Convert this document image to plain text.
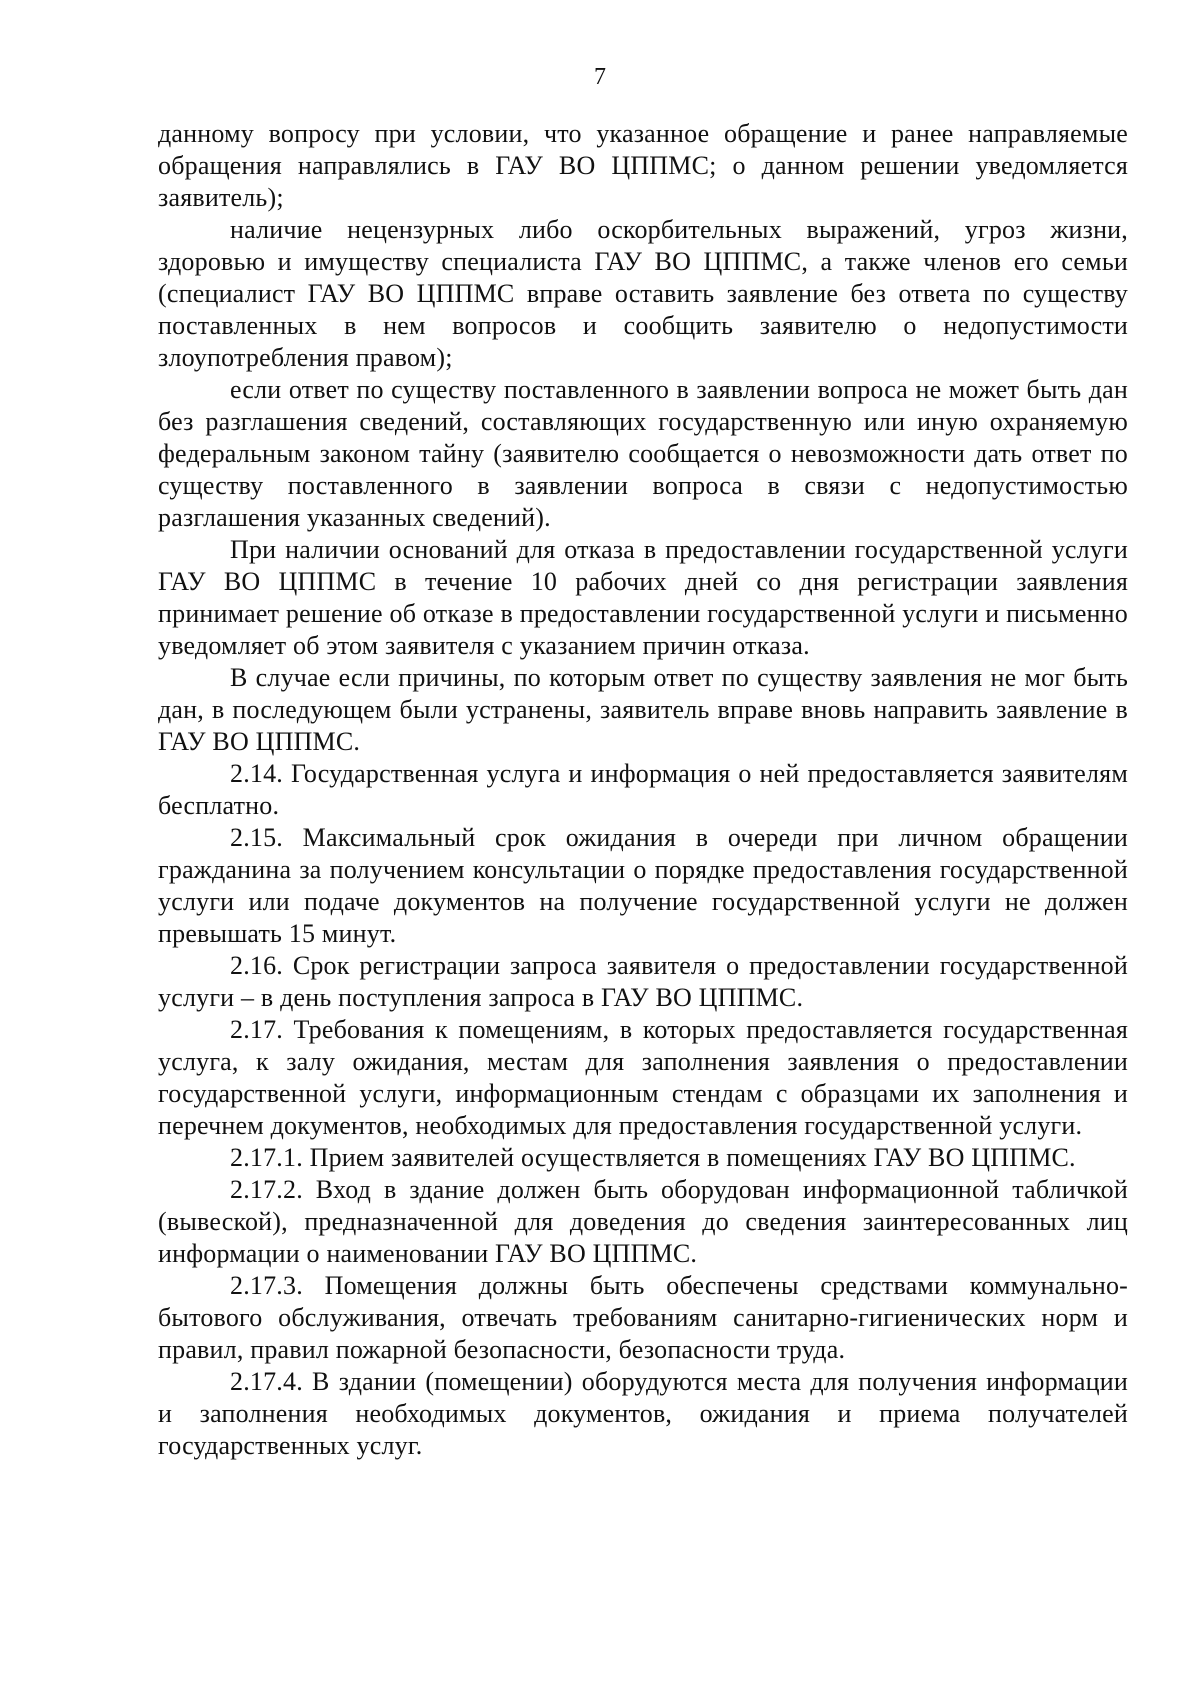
7

данному вопросу при условии, что указанное обращение и ранее направляемые обращения направлялись в ГАУ ВО ЦППМС; о данном решении уведомляется заявитель);

наличие нецензурных либо оскорбительных выражений, угроз жизни, здоровью и имуществу специалиста ГАУ ВО ЦППМС, а также членов его семьи (специалист ГАУ ВО ЦППМС вправе оставить заявление без ответа по существу поставленных в нем вопросов и сообщить заявителю о недопустимости злоупотребления правом);

если ответ по существу поставленного в заявлении вопроса не может быть дан без разглашения сведений, составляющих государственную или иную охраняемую федеральным законом тайну (заявителю сообщается о невозможности дать ответ по существу поставленного в заявлении вопроса в связи с недопустимостью разглашения указанных сведений).

При наличии оснований для отказа в предоставлении государственной услуги ГАУ ВО ЦППМС в течение 10 рабочих дней со дня регистрации заявления принимает решение об отказе в предоставлении государственной услуги и письменно уведомляет об этом заявителя с указанием причин отказа.

В случае если причины, по которым ответ по существу заявления не мог быть дан, в последующем были устранены, заявитель вправе вновь направить заявление в ГАУ ВО ЦППМС.

2.14. Государственная услуга и информация о ней предоставляется заявителям бесплатно.

2.15. Максимальный срок ожидания в очереди при личном обращении гражданина за получением консультации о порядке предоставления государственной услуги или подаче документов на получение государственной услуги не должен превышать 15 минут.

2.16. Срок регистрации запроса заявителя о предоставлении государственной услуги – в день поступления запроса в ГАУ ВО ЦППМС.

2.17. Требования к помещениям, в которых предоставляется государственная услуга, к залу ожидания, местам для заполнения заявления о предоставлении государственной услуги, информационным стендам с образцами их заполнения и перечнем документов, необходимых для предоставления государственной услуги.

2.17.1. Прием заявителей осуществляется в помещениях ГАУ ВО ЦППМС.

2.17.2. Вход в здание должен быть оборудован информационной табличкой (вывеской), предназначенной для доведения до сведения заинтересованных лиц информации о наименовании ГАУ ВО ЦППМС.

2.17.3. Помещения должны быть обеспечены средствами коммунально-бытового обслуживания, отвечать требованиям санитарно-гигиенических норм и правил, правил пожарной безопасности, безопасности труда.

2.17.4. В здании (помещении) оборудуются места для получения информации и заполнения необходимых документов, ожидания и приема получателей государственных услуг.
